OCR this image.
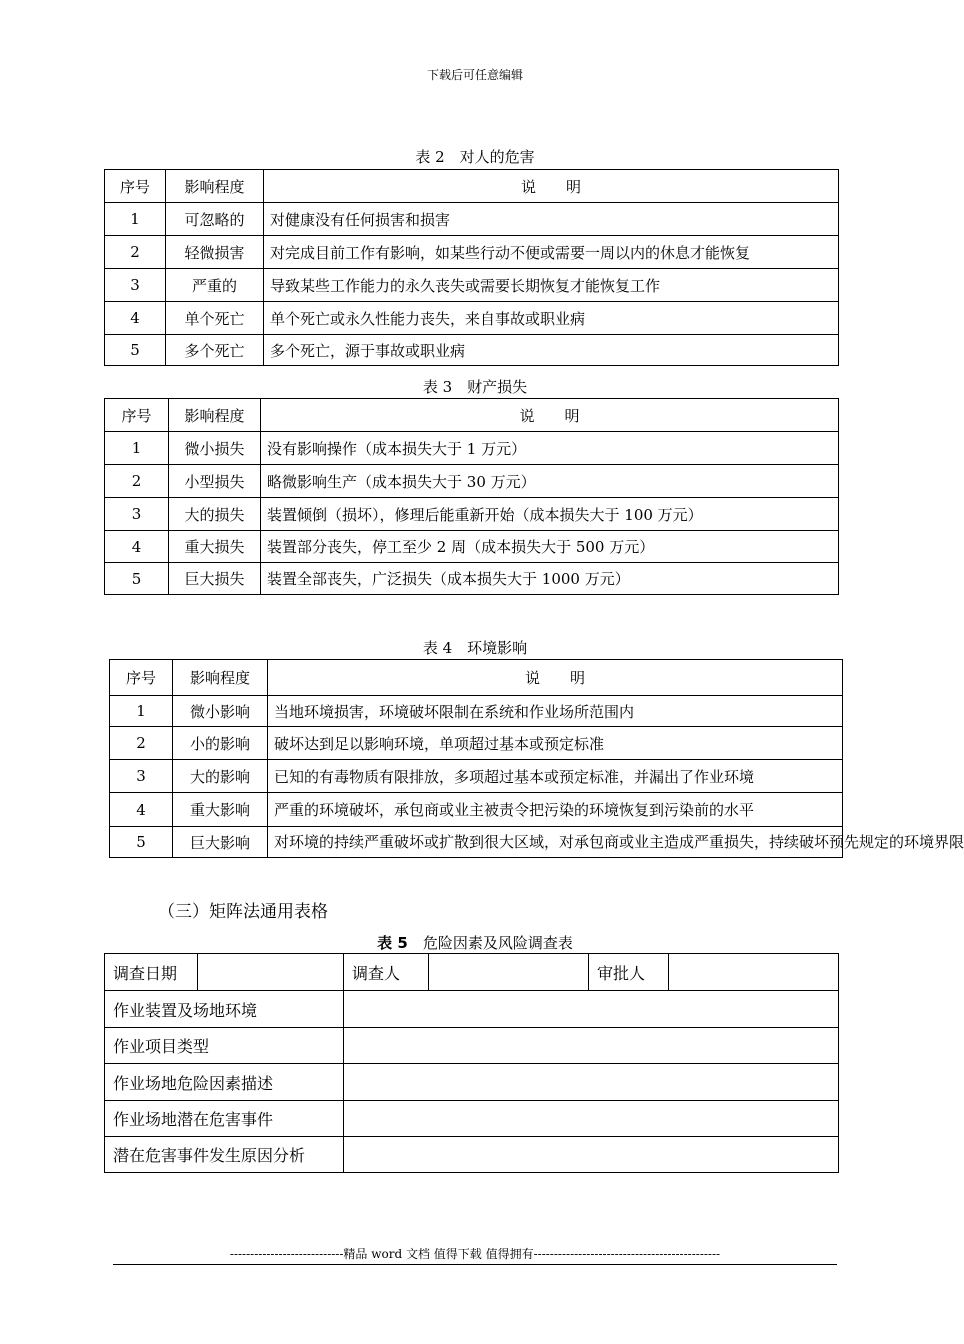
下载后可任意编辑
表 2　对人的危害
序号	影响程度	说　　明
1	可忽略的	对健康没有任何损害和损害
2	轻微损害	对完成目前工作有影响，如某些行动不便或需要一周以内的休息才能恢复
3	严重的	导致某些工作能力的永久丧失或需要长期恢复才能恢复工作
4	单个死亡	单个死亡或永久性能力丧失，来自事故或职业病
5	多个死亡	多个死亡，源于事故或职业病
表 3　财产损失
序号	影响程度	说　　明
1	微小损失	没有影响操作（成本损失大于 1 万元）
2	小型损失	略微影响生产（成本损失大于 30 万元）
3	大的损失	装置倾倒（损坏），修理后能重新开始（成本损失大于 100 万元）
4	重大损失	装置部分丧失，停工至少 2 周（成本损失大于 500 万元）
5	巨大损失	装置全部丧失，广泛损失（成本损失大于 1000 万元）
表 4　环境影响
序号	影响程度	说　　明
1	微小影响	当地环境损害，环境破坏限制在系统和作业场所范围内
2	小的影响	破坏达到足以影响环境，单项超过基本或预定标准
3	大的影响	已知的有毒物质有限排放，多项超过基本或预定标准，并漏出了作业环境
4	重大影响	严重的环境破坏，承包商或业主被责令把污染的环境恢复到污染前的水平
5	巨大影响	对环境的持续严重破坏或扩散到很大区域，对承包商或业主造成严重损失，持续破坏预先规定的环境界限
（三）矩阵法通用表格
表 5　危险因素及风险调查表
调查日期		调查人		审批人	
作业装置及场地环境					
作业项目类型					
作业场地危险因素描述					
作业场地潜在危害事件					
潜在危害事件发生原因分析					
----------------------------精品 word 文档 值得下载 值得拥有----------------------------------------------
